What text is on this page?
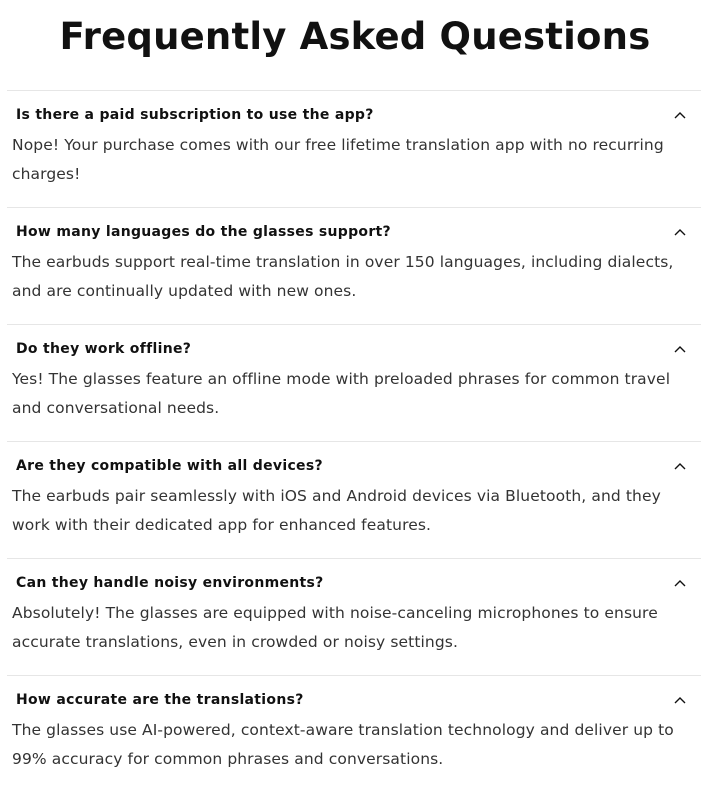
Frequently Asked Questions
Is there a paid subscription to use the app?

Nope! Your purchase comes with our free lifetime translation app with no recurring charges!

How many languages do the glasses support?

The earbuds support real-time translation in over 150 languages, including dialects, and are continually updated with new ones.

Do they work offline?

Yes! The glasses feature an offline mode with preloaded phrases for common travel and conversational needs.

Are they compatible with all devices?

The earbuds pair seamlessly with iOS and Android devices via Bluetooth, and they work with their dedicated app for enhanced features.

Can they handle noisy environments?

Absolutely! The glasses are equipped with noise-canceling microphones to ensure accurate translations, even in crowded or noisy settings.

How accurate are the translations?

The glasses use AI-powered, context-aware translation technology and deliver up to 99% accuracy for common phrases and conversations.
